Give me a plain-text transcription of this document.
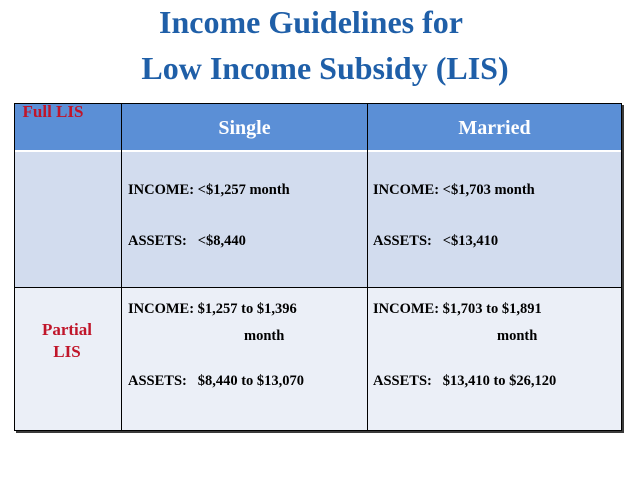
Income Guidelines for
Low Income Subsidy (LIS)
Single	Married
Full LIS
Partial
LIS
INCOME: <$1,257 month
ASSETS:   <$8,440
INCOME: <$1,703 month
ASSETS:   <$13,410
INCOME: $1,257 to $1,396
month
ASSETS:   $8,440 to $13,070
INCOME: $1,703 to $1,891
month
ASSETS:   $13,410 to $26,120
